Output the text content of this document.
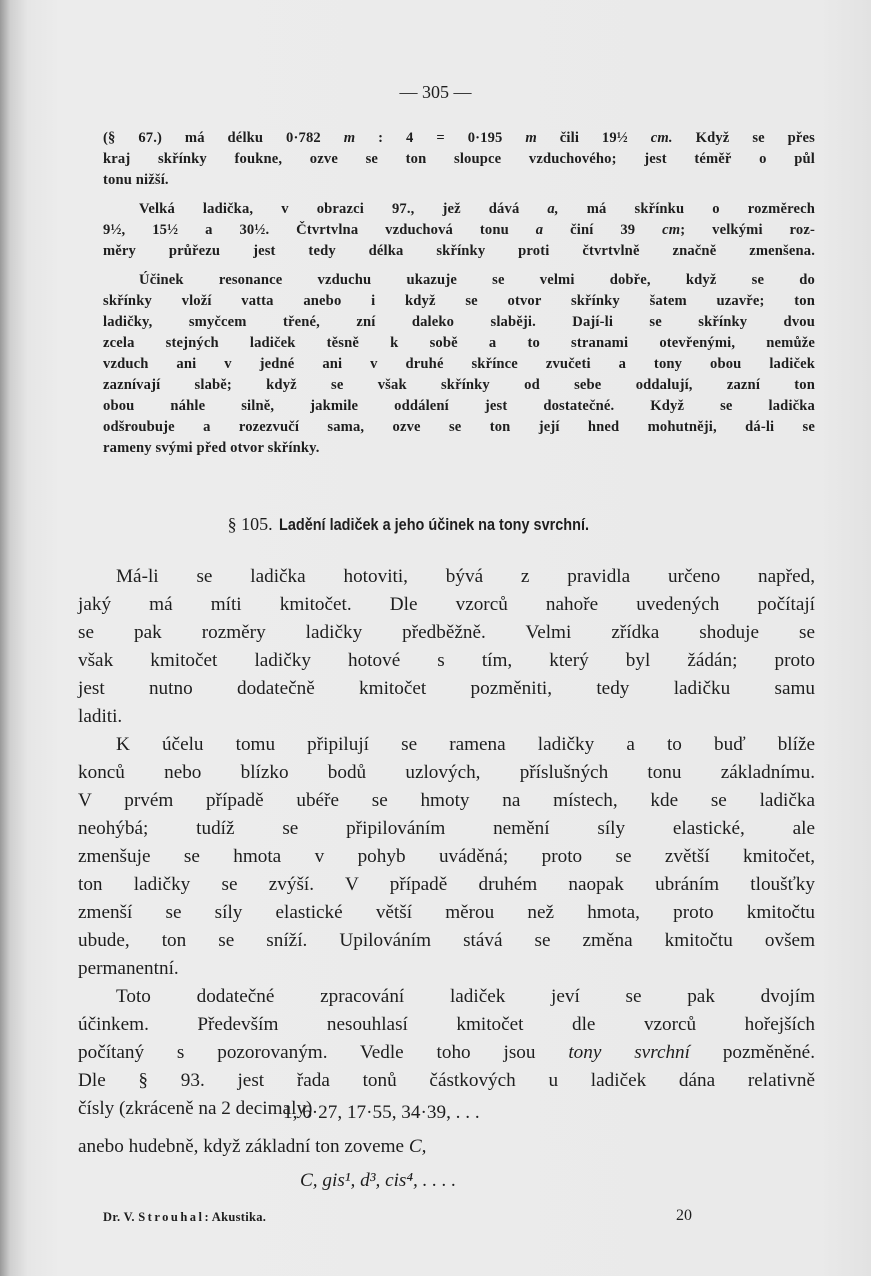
— 305 —
(§ 67.) má délku 0·782 m : 4 = 0·195 m čili 19½ cm. Když se přes
kraj skřínky foukne, ozve se ton sloupce vzduchového; jest téměř o půl
tonu nižší.
Velká ladička, v obrazci 97., jež dává a, má skřínku o rozměrech
9½, 15½ a 30½. Čtvrtvlna vzduchová tonu a činí 39 cm; velkými roz-
měry průřezu jest tedy délka skřínky proti čtvrtvlně značně zmenšena.
Účinek resonance vzduchu ukazuje se velmi dobře, když se do
skřínky vloží vatta anebo i když se otvor skřínky šatem uzavře; ton
ladičky, smyčcem třené, zní daleko slaběji. Dají-li se skřínky dvou
zcela stejných ladiček těsně k sobě a to stranami otevřenými, nemůže
vzduch ani v jedné ani v druhé skřínce zvučeti a tony obou ladiček
zaznívají slabě; když se však skřínky od sebe oddalují, zazní ton
obou náhle silně, jakmile oddálení jest dostatečné. Když se ladička
odšroubuje a rozezvučí sama, ozve se ton její hned mohutněji, dá-li se
rameny svými před otvor skřínky.
§ 105. Ladění ladiček a jeho účinek na tony svrchní.
Má-li se ladička hotoviti, bývá z pravidla určeno napřed,
jaký má míti kmitočet. Dle vzorců nahoře uvedených počítají
se pak rozměry ladičky předběžně. Velmi zřídka shoduje se
však kmitočet ladičky hotové s tím, který byl žádán; proto
jest nutno dodatečně kmitočet pozměniti, tedy ladičku samu
laditi.
K účelu tomu připilují se ramena ladičky a to buď blíže
konců nebo blízko bodů uzlových, příslušných tonu základnímu.
V prvém případě ubéře se hmoty na místech, kde se ladička
neohýbá; tudíž se připilováním nemění síly elastické, ale
zmenšuje se hmota v pohyb uváděná; proto se zvětší kmitočet,
ton ladičky se zvýší. V případě druhém naopak ubráním tloušťky
zmenší se síly elastické větší měrou než hmota, proto kmitočtu
ubude, ton se sníží. Upilováním stává se změna kmitočtu ovšem
permanentní.
Toto dodatečné zpracování ladiček jeví se pak dvojím
účinkem. Především nesouhlasí kmitočet dle vzorců hořejších
počítaný s pozorovaným. Vedle toho jsou tony svrchní pozměněné.
Dle § 93. jest řada tonů částkových u ladiček dána relativně
čísly (zkráceně na 2 decimaly)
1, 6·27, 17·55, 34·39, . . .
anebo hudebně, když základní ton zoveme C,
C, gis¹, d³, cis⁴, . . . .
Dr. V. Strouhal: Akustika.	20
